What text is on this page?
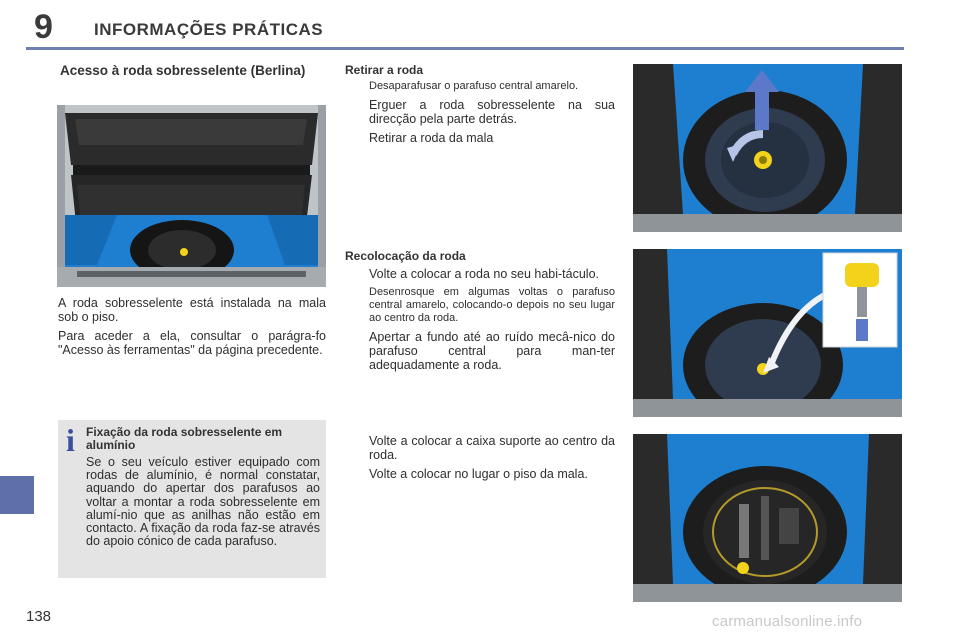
9 INFORMAÇÕES PRÁTICAS
Acesso à roda sobresselente (Berlina)

A roda sobresselente está instalada na mala sob o piso.

Para aceder a ela, consultar o parágra-fo "Acesso às ferramentas" da página precedente.

i Fixação da roda sobresselente em alumínio
Se o seu veículo estiver equipado com rodas de alumínio, é normal constatar, aquando do apertar dos parafusos ao voltar a montar a roda sobresselente em alumí-nio que as anilhas não estão em contacto. A fixação da roda faz-se através do apoio cónico de cada parafuso.
Retirar a roda
Desaparafusar o parafuso central amarelo.
Erguer a roda sobresselente na sua direcção pela parte detrás.
Retirar a roda da mala
Recolocação da roda
Volte a colocar a roda no seu habi-táculo.
Desenrosque em algumas voltas o parafuso central amarelo, colocando-o depois no seu lugar ao centro da roda.
Apertar a fundo até ao ruído mecâ-nico do parafuso central para man-ter adequadamente a roda.
Volte a colocar a caixa suporte ao centro da roda.
Volte a colocar no lugar o piso da mala.
138	carmanualsonline.info
